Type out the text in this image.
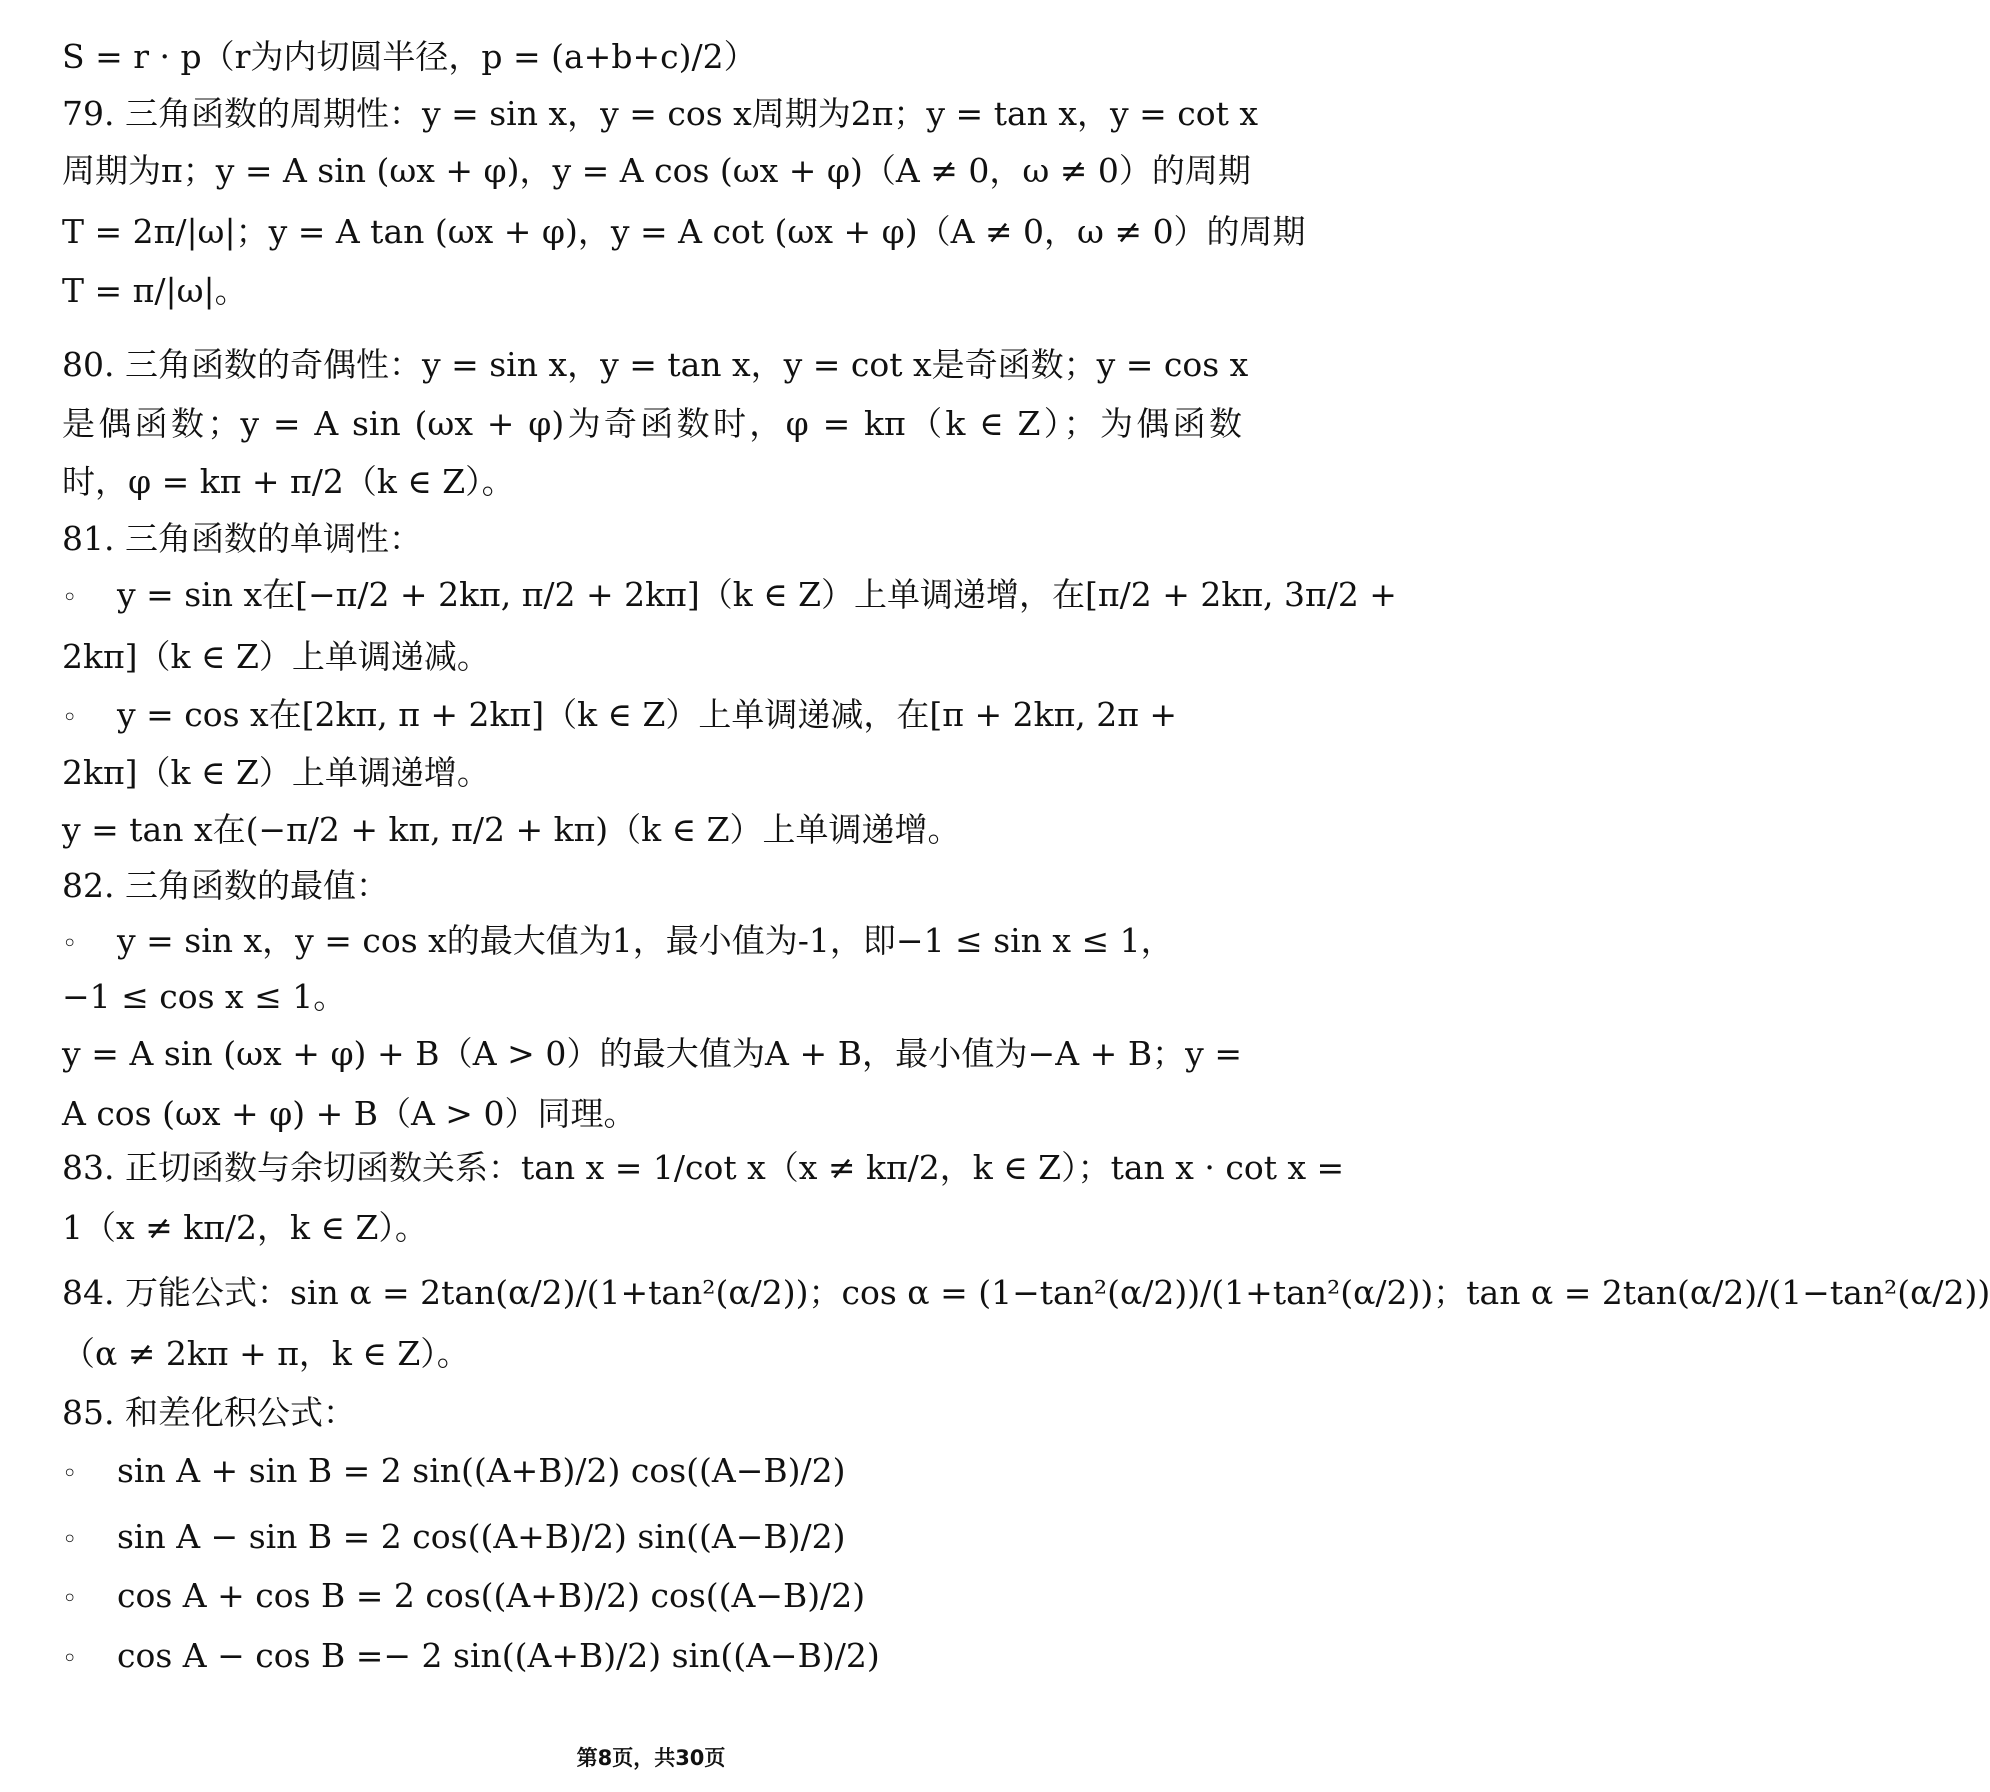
S = r · p（r为内切圆半径，p = (a+b+c)/2）
79. 三角函数的周期性：y = sin x，y = cos x周期为2π；y = tan x，y = cot x
周期为π；y = A sin (ωx + φ)，y = A cos (ωx + φ)（A ≠ 0，ω ≠ 0）的周期
T = 2π/|ω|；y = A tan (ωx + φ)，y = A cot (ωx + φ)（A ≠ 0，ω ≠ 0）的周期
T = π/|ω|。
80. 三角函数的奇偶性：y = sin x，y = tan x，y = cot x是奇函数；y = cos x
是偶函数；y = A sin (ωx + φ)为奇函数时，φ = kπ（k ∈ Z）；为偶函数
时，φ = kπ + π/2（k ∈ Z）。
81. 三角函数的单调性：
◦ y = sin x在[−π/2 + 2kπ, π/2 + 2kπ]（k ∈ Z）上单调递增，在[π/2 + 2kπ, 3π/2 +
2kπ]（k ∈ Z）上单调递减。
◦ y = cos x在[2kπ, π + 2kπ]（k ∈ Z）上单调递减，在[π + 2kπ, 2π +
2kπ]（k ∈ Z）上单调递增。
y = tan x在(−π/2 + kπ, π/2 + kπ)（k ∈ Z）上单调递增。
82. 三角函数的最值：
◦ y = sin x，y = cos x的最大值为1，最小值为-1，即−1 ≤ sin x ≤ 1，
−1 ≤ cos x ≤ 1。
y = A sin (ωx + φ) + B（A > 0）的最大值为A + B，最小值为−A + B；y =
A cos (ωx + φ) + B（A > 0）同理。
83. 正切函数与余切函数关系：tan x = 1/cot x（x ≠ kπ/2，k ∈ Z）；tan x · cot x =
1（x ≠ kπ/2，k ∈ Z）。
84. 万能公式：sin α = 2tan(α/2)/(1+tan²(α/2))；cos α = (1−tan²(α/2))/(1+tan²(α/2))；tan α = 2tan(α/2)/(1−tan²(α/2))
（α ≠ 2kπ + π，k ∈ Z）。
85. 和差化积公式：
◦ sin A + sin B = 2 sin((A+B)/2) cos((A−B)/2)
◦ sin A − sin B = 2 cos((A+B)/2) sin((A−B)/2)
◦ cos A + cos B = 2 cos((A+B)/2) cos((A−B)/2)
◦ cos A − cos B =− 2 sin((A+B)/2) sin((A−B)/2)
第8页，共30页
